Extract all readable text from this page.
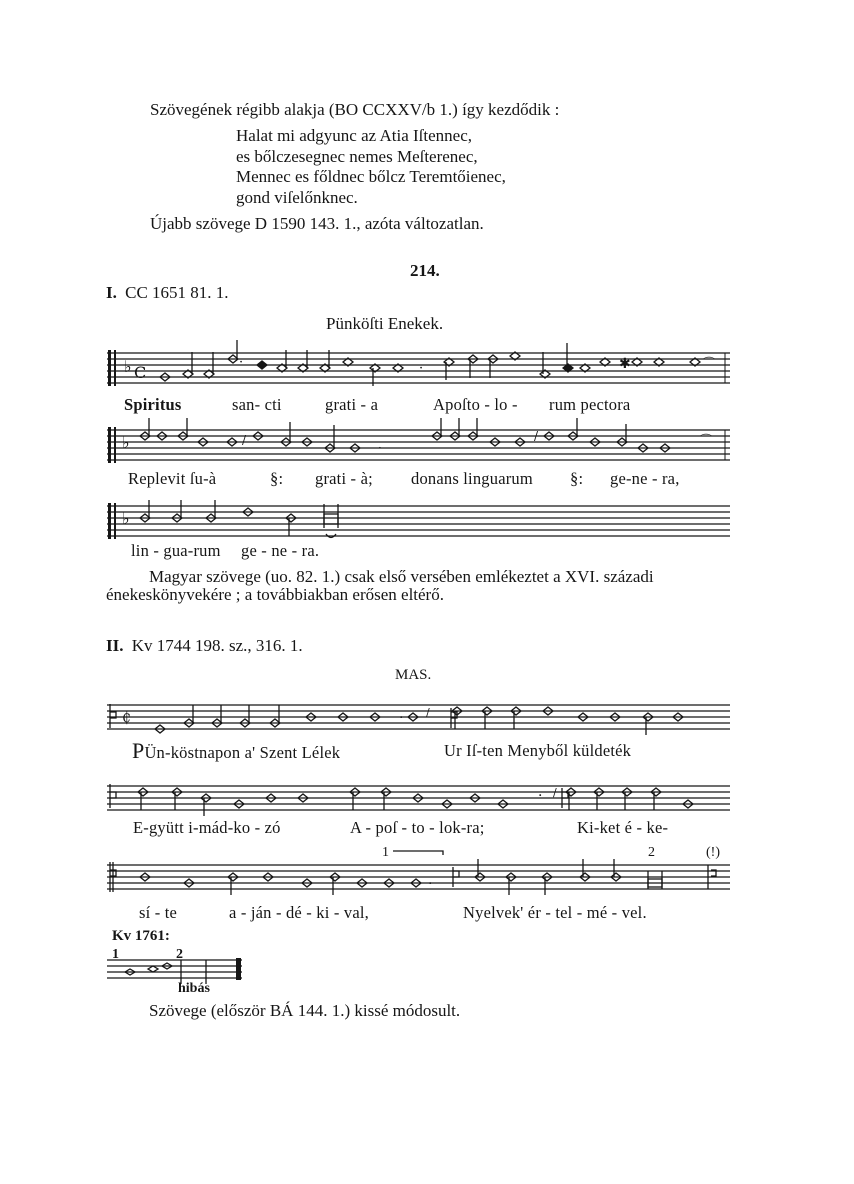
Szövegének régibb alakja (BO CCXXV/b 1.) így kezdődik :
Halat mi adgyunc az Atia Iſtennec,
es bőlczesegnec nemes Meſterenec,
Mennec es főldnec bőlcz Teremtőienec,
gond viſelőnknec.
Újabb szövege D 1590 143. 1., azóta változatlan.
214.
I. CC 1651 81. 1.
Pünköſti Enekek.
♭ C
♭
♭
·	·	✱	⌒
/
·
/	⌒
Spiritus	san- cti	grati - a	Apoſto - lo - rum pectora
Replevit ſu-à	§: grati - à; donans linguarum §: ge-ne - ra,
lin - gua-rum ge - ne - ra.
Magyar szövege (uo. 82. 1.) csak első versében emlékeztet a XVI. századi
énekeskönyvekére ; a továbbiakban erősen eltérő.
II. Kv 1744 198. sz., 316. 1.
MAS.
₵	· /
· /
·
1	2	(!)
1	2
PÜn-köstnapon a' Szent Lélek	Ur Iſ-ten Menyből küldeték
E-gyütt i-mád-ko - zó	A - poſ - to - lok-ra;	Ki-ket é - ke-
sí - te	a - ján - dé - ki - val,	Nyelvek' ér - tel - mé - vel.
Kv 1761:
hibás
Szövege (először BÁ 144. 1.) kissé módosult.
